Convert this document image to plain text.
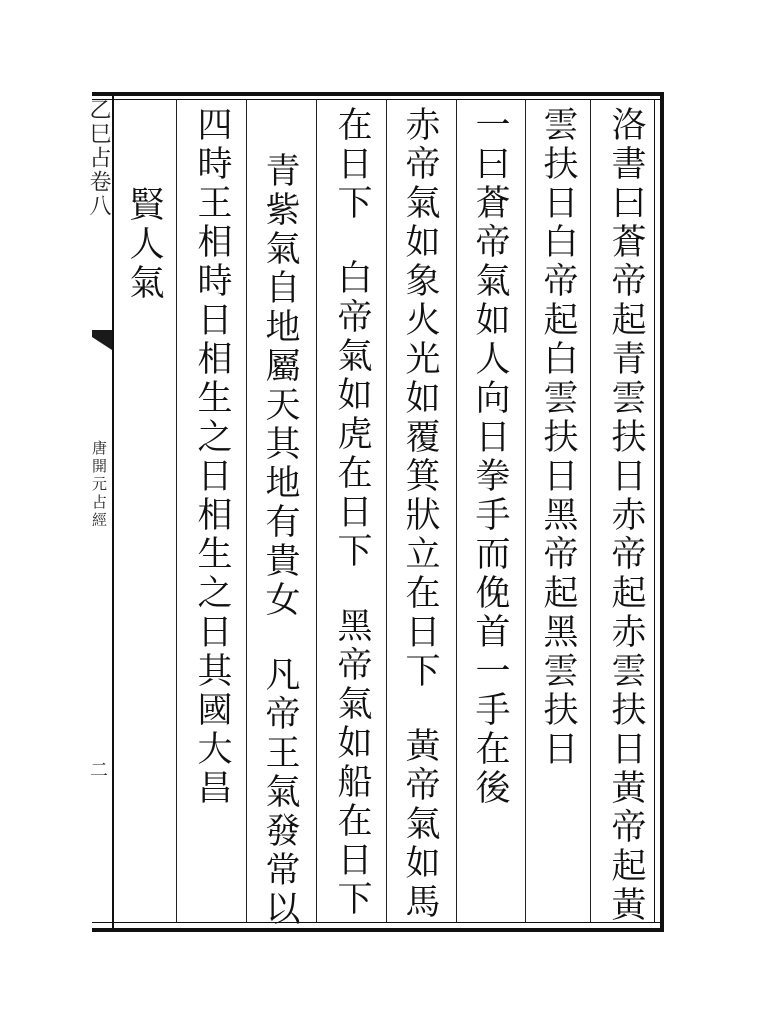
乙巳占卷八
唐開元占經
二	洛書曰蒼帝起青雲扶日赤帝起赤雲扶日黃帝起黃
雲扶日白帝起白雲扶日黑帝起黑雲扶日
一曰蒼帝氣如人向日拳手而俛首一手在後
赤帝氣如象火光如覆箕狀立在日下黃帝氣如馬
在日下白帝氣如虎在日下黑帝氣如船在日下
青紫氣自地屬天其地有貴女凡帝王氣發常以
四時王相時日相生之日相生之日其國大昌
賢人氣
